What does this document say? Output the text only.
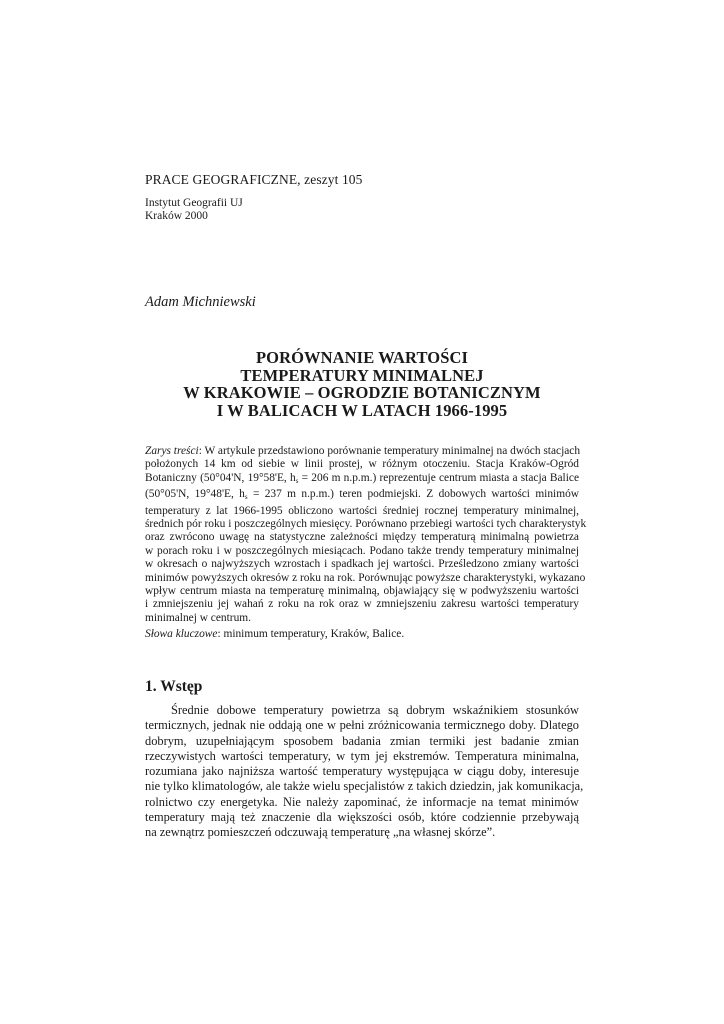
PRACE GEOGRAFICZNE, zeszyt 105
Instytut Geografii UJ
Kraków 2000
Adam Michniewski
PORÓWNANIE WARTOŚCI
TEMPERATURY MINIMALNEJ
W KRAKOWIE – OGRODZIE BOTANICZNYM
I W BALICACH W LATACH 1966-1995
Zarys treści: W artykule przedstawiono porównanie temperatury minimalnej na dwóch stacjach
położonych 14 km od siebie w linii prostej, w różnym otoczeniu. Stacja Kraków-Ogród
Botaniczny (50°04'N, 19°58'E, $h_s = 206$ m n.p.m.) reprezentuje centrum miasta a stacja Balice
(50°05'N, 19°48'E, $h_s = 237$ m n.p.m.) teren podmiejski. Z dobowych wartości minimów
temperatury z lat 1966-1995 obliczono wartości średniej rocznej temperatury minimalnej,
średnich pór roku i poszczególnych miesięcy. Porównano przebiegi wartości tych charakterystyk
oraz zwrócono uwagę na statystyczne zależności między temperaturą minimalną powietrza
w porach roku i w poszczególnych miesiącach. Podano także trendy temperatury minimalnej
w okresach o najwyższych wzrostach i spadkach jej wartości. Prześledzono zmiany wartości
minimów powyższych okresów z roku na rok. Porównując powyższe charakterystyki, wykazano
wpływ centrum miasta na temperaturę minimalną, objawiający się w podwyższeniu wartości
i zmniejszeniu jej wahań z roku na rok oraz w zmniejszeniu zakresu wartości temperatury
minimalnej w centrum.
Słowa kluczowe: minimum temperatury, Kraków, Balice.
1. Wstęp
Średnie dobowe temperatury powietrza są dobrym wskaźnikiem stosunków
termicznych, jednak nie oddają one w pełni zróżnicowania termicznego doby. Dlatego
dobrym, uzupełniającym sposobem badania zmian termiki jest badanie zmian
rzeczywistych wartości temperatury, w tym jej ekstremów. Temperatura minimalna,
rozumiana jako najniższa wartość temperatury występująca w ciągu doby, interesuje
nie tylko klimatologów, ale także wielu specjalistów z takich dziedzin, jak komunikacja,
rolnictwo czy energetyka. Nie należy zapominać, że informacje na temat minimów
temperatury mają też znaczenie dla większości osób, które codziennie przebywają
na zewnątrz pomieszczeń odczuwają temperaturę „na własnej skórze”.
